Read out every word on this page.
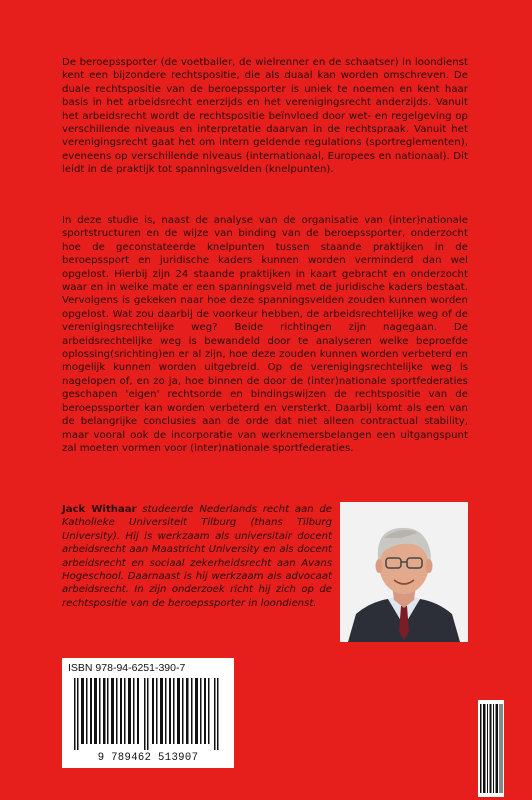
De beroepssporter (de voetballer, de wielrenner en de schaatser) in loondienst kent een bijzondere rechtspositie, die als duaal kan worden omschreven. De duale rechtspositie van de beroepssporter is uniek te noemen en kent haar basis in het arbeidsrecht enerzijds en het verenigingsrecht anderzijds. Vanuit het arbeidsrecht wordt de rechtspositie beïnvloed door wet- en regelgeving op verschillende niveaus en interpretatie daarvan in de rechtspraak. Vanuit het verenigingsrecht gaat het om intern geldende regulations (sportreglementen), eveneens op verschillende niveaus (internationaal, Europees en nationaal). Dit leidt in de praktijk tot spanningsvelden (knelpunten).
In deze studie is, naast de analyse van de organisatie van (inter)nationale sportstructuren en de wijze van binding van de beroepssporter, onderzocht hoe de geconstateerde knelpunten tussen staande praktijken in de beroepssport en juridische kaders kunnen worden verminderd dan wel opgelost. Hierbij zijn 24 staande praktijken in kaart gebracht en onderzocht waar en in welke mate er een spanningsveld met de juridische kaders bestaat. Vervolgens is gekeken naar hoe deze spanningsvelden zouden kunnen worden opgelost. Wat zou daarbij de voorkeur hebben, de arbeidsrechtelijke weg of de verenigingsrechtelijke weg? Beide richtingen zijn nagegaan. De arbeidsrechtelijke weg is bewandeld door te analyseren welke beproefde oplossing(srichting)en er al zijn, hoe deze zouden kunnen worden verbeterd en mogelijk kunnen worden uitgebreid. Op de verenigingsrechtelijke weg is nagelopen of, en zo ja, hoe binnen de door de (inter)nationale sportfederaties geschapen 'eigen' rechtsorde en bindingswijzen de rechtspositie van de beroepssporter kan worden verbeterd en versterkt. Daarbij komt als een van de belangrijke conclusies aan de orde dat niet alleen contractual stability, maar vooral ook de incorporatie van werknemersbelangen een uitgangspunt zal moeten vormen voor (inter)nationale sportfederaties.
Jack Withaar studeerde Nederlands recht aan de Katholieke Universiteit Tilburg (thans Tilburg University). Hij is werkzaam als universitair docent arbeidsrecht aan Maastricht University en als docent arbeidsrecht en sociaal zekerheidsrecht aan Avans Hogeschool. Daarnaast is hij werkzaam als advocaat arbeidsrecht. In zijn onderzoek richt hij zich op de rechtspositie van de beroepssporter in loondienst.
ISBN 978-94-6251-390-7
9 789462 513907
